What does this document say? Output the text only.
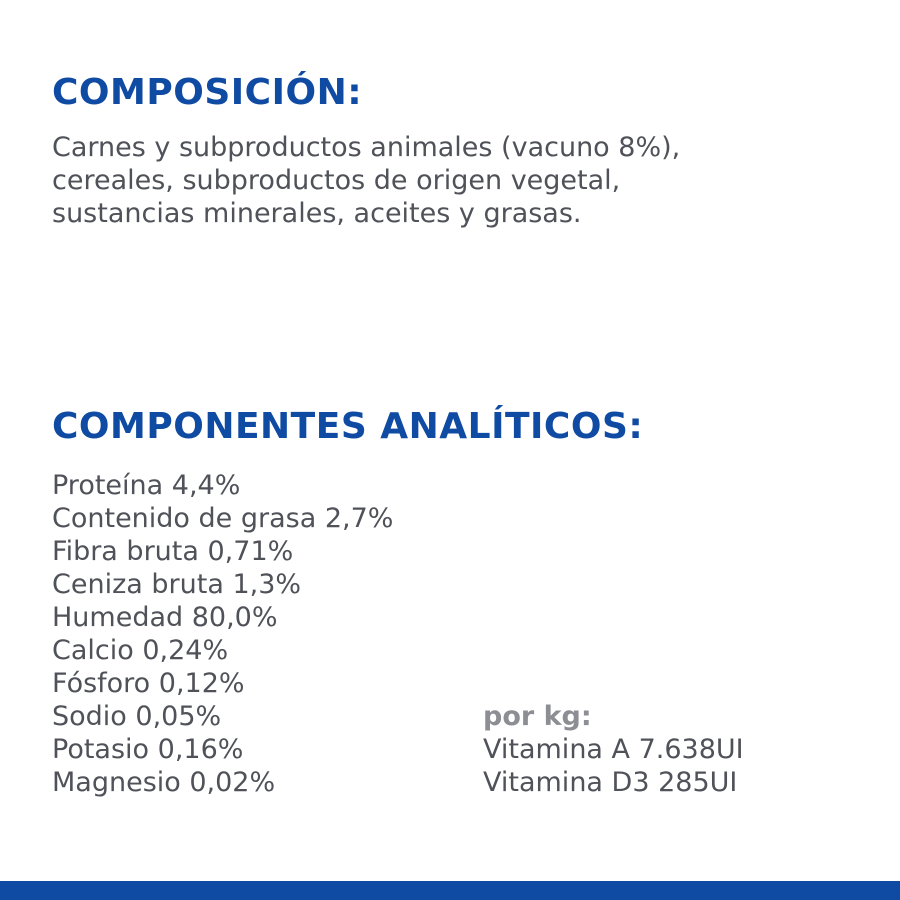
COMPOSICIÓN:
Carnes y subproductos animales (vacuno 8%),
cereales, subproductos de origen vegetal,
sustancias minerales, aceites y grasas.
COMPONENTES ANALÍTICOS:
Proteína 4,4%
Contenido de grasa 2,7%
Fibra bruta 0,71%
Ceniza bruta 1,3%
Humedad 80,0%
Calcio 0,24%
Fósforo 0,12%
Sodio 0,05%
Potasio 0,16%
Magnesio 0,02%
por kg:
Vitamina A 7.638UI
Vitamina D3 285UI
